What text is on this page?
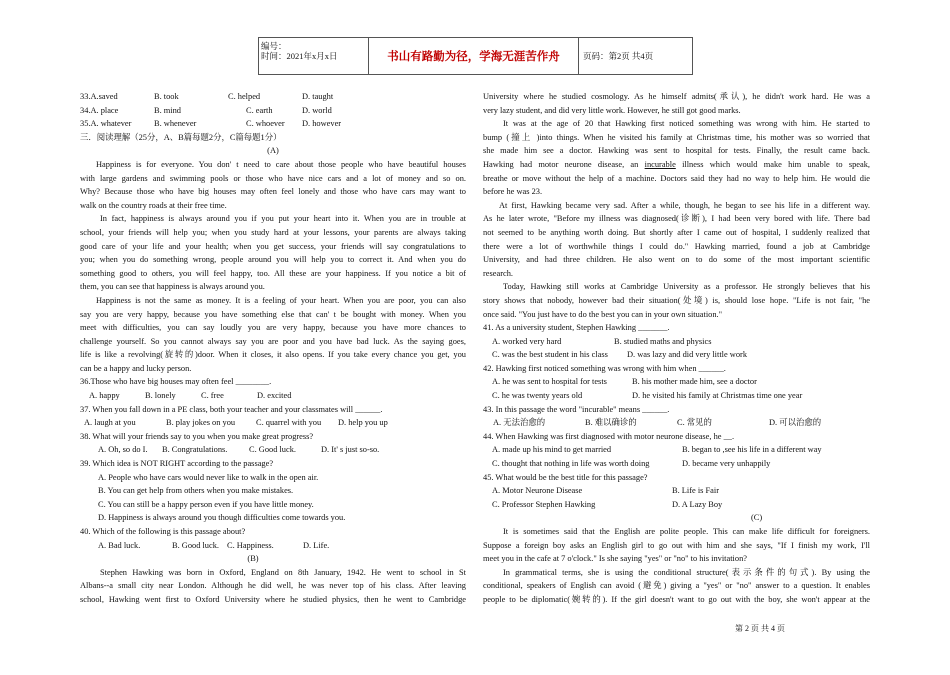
编号：
时间：2021年x月x日	书山有路勤为径，学海无涯苦作舟	页码：第2页 共4页
33.A.saved	B. took	C. helped	D. taught
34.A. place	B. mind	C. earth	D. world
35.A. whatever	B. whenever	C. whoever D. however
三．阅读理解（25分，A、B篇每题2分，C篇每题1分）
(A)
Happiness is for everyone. You don' t need to care about those people who have beautiful houses
with large gardens and swimming pools or those who have nice cars and a lot of money and so on.
Why? Because those who have big houses may often feel lonely and those who have cars may want to
walk on the country roads at their free time.
In fact, happiness is always around you if you put your heart into it. When you are in trouble at
school, your friends will help you; when you study hard at your lessons, your parents are always taking
good care of your life and your health; when you get success, your friends will say congratulations to
you; when you do something wrong, people around you will help you to correct it. And when you do
something good to others, you will feel happy, too. All these are your happiness. If you notice a bit of
them, you can see that happiness is always around you.
Happiness is not the same as money. It is a feeling of your heart. When you are poor, you can also
say you are very happy, because you have something else that can' t be bought with money. When you
meet with difficulties, you can say loudly you are very happy, because you have more chances to
challenge yourself. So you cannot always say you are poor and you have bad luck. As the saying goes,
life is like a revolving(旋转的)door. When it closes, it also opens. If you take every chance you get, you
can be a happy and lucky person.
36.Those who have big houses may often feel ________.
A. happy	B. lonely	C. free	D. excited
37. When you fall down in a PE class, both your teacher and your classmates will ______.
A. laugh at you	B. play jokes on you C. quarrel with you D. help you up
38. What will your friends say to you when you make great progress?
A. Oh, so do I. B. Congratulations.	C. Good luck.	D. It' s just so-so.
39. Which idea is NOT RIGHT according to the passage?
A. People who have cars would never like to walk in the open air.
B. You can get help from others when you make mistakes.
C. You can still be a happy person even if you have little money.
D. Happiness is always around you though difficulties come towards you.
40. Which of the following is this passage about?
A. Bad luck.	B. Good luck. C. Happiness.	D. Life.
(B)
Stephen Hawking was born in Oxford, England on 8th January, 1942. He went to school in St
Albans--a small city near London. Although he did well, he was never top of his class. After leaving
school, Hawking went first to Oxford University where he studied physics, then he went to Cambridge
University where he studied cosmology. As he himself admits(承认), he didn't work hard. He was a
very lazy student, and did very little work. However, he still got good marks.
It was at the age of 20 that Hawking first noticed something was wrong with him. He started to
bump (撞上 )into things. When he visited his family at Christmas time, his mother was so worried that
she made him see a doctor. Hawking was sent to hospital for tests. Finally, the result came back.
Hawking had motor neurone disease, an incurable illness which would make him unable to speak,
breathe or move without the help of a machine. Doctors said they had no way to help him. He would die
before he was 23.
At first, Hawking became very sad. After a while, though, he began to see his life in a different way.
As he later wrote, "Before my illness was diagnosed(诊断), I had been very bored with life. There bad
not seemed to be anything worth doing. But shortly after I came out of hospital, I suddenly realized that
there were a lot of worthwhile things I could do." Hawking married, found a job at Cambridge
University, and had three children. He also went on to do some of the most important scientific
research.
Today, Hawking still works at Cambridge University as a professor. He strongly believes that his
story shows that nobody, however bad their situation(处境) is, should lose hope. "Life is not fair, "he
once said. "You just have to do the best you can in your own situation."
41. As a university student, Stephen Hawking _______.
A. worked very hard	B. studied maths and physics
C. was the best student in his class D. was lazy and did very little work
42. Hawking first noticed something was wrong with him when ______.
A. he was sent to hospital for tests	B. his mother made him, see a doctor
C. he was twenty years old	D. he visited his family at Christmas time one year
43. In this passage the word "incurable" means ______.
A. 无法治愈的	B. 难以确诊的	C. 常见的	D. 可以治愈的
44. When Hawking was first diagnosed with motor neurone disease, he __.
A. made up his mind to get married	B. began to ,see his life in a different way
C. thought that nothing in life was worth doing	D. became very unhappily
45. What would be the best title for this passage?
A. Motor Neurone Disease	B. Life is Fair
C. Professor Stephen Hawking	D. A Lazy Boy
(C)
It is sometimes said that the English are polite people. This can make life difficult for foreigners.
Suppose a foreign boy asks an English girl to go out with him and she says, "If I finish my work, I'll
meet you in the cafe at 7 o'clock." Is she saying "yes" or "no" to his invitation?
In grammatical terms, she is using the conditional structure(表示条件的句式). By using the
conditional, speakers of English can avoid (避免) giving a "yes" or "no" answer to a question. It enables
people to be diplomatic(婉转的). If the girl doesn't want to go out with the boy, she won't appear at the
第 2 页 共 4 页
